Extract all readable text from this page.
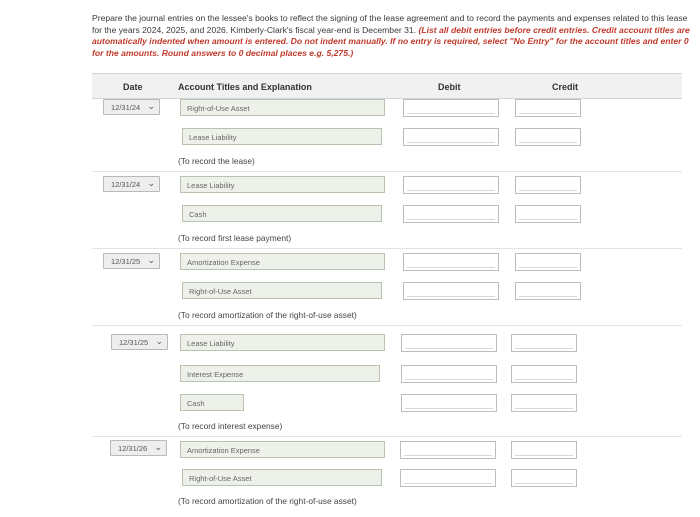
Prepare the journal entries on the lessee's books to reflect the signing of the lease agreement and to record the payments and expenses related to this lease for the years 2024, 2025, and 2026. Kimberly-Clark's fiscal year-end is December 31. (List all debit entries before credit entries. Credit account titles are automatically indented when amount is entered. Do not indent manually. If no entry is required, select "No Entry" for the account titles and enter 0 for the amounts. Round answers to 0 decimal places e.g. 5,275.)
Date	Account Titles and Explanation	Debit	Credit
12/31/24 ⌄	Right-of-Use Asset
Lease Liability
(To record the lease)
12/31/24 ⌄	Lease Liability
Cash
(To record first lease payment)
12/31/25 ⌄	Amortization Expense
Right-of-Use Asset
(To record amortization of the right-of-use asset)
12/31/25 ⌄	Lease Liability
Interest Expense
Cash
(To record interest expense)
12/31/26 ⌄	Amortization Expense
Right-of-Use Asset
(To record amortization of the right-of-use asset)
